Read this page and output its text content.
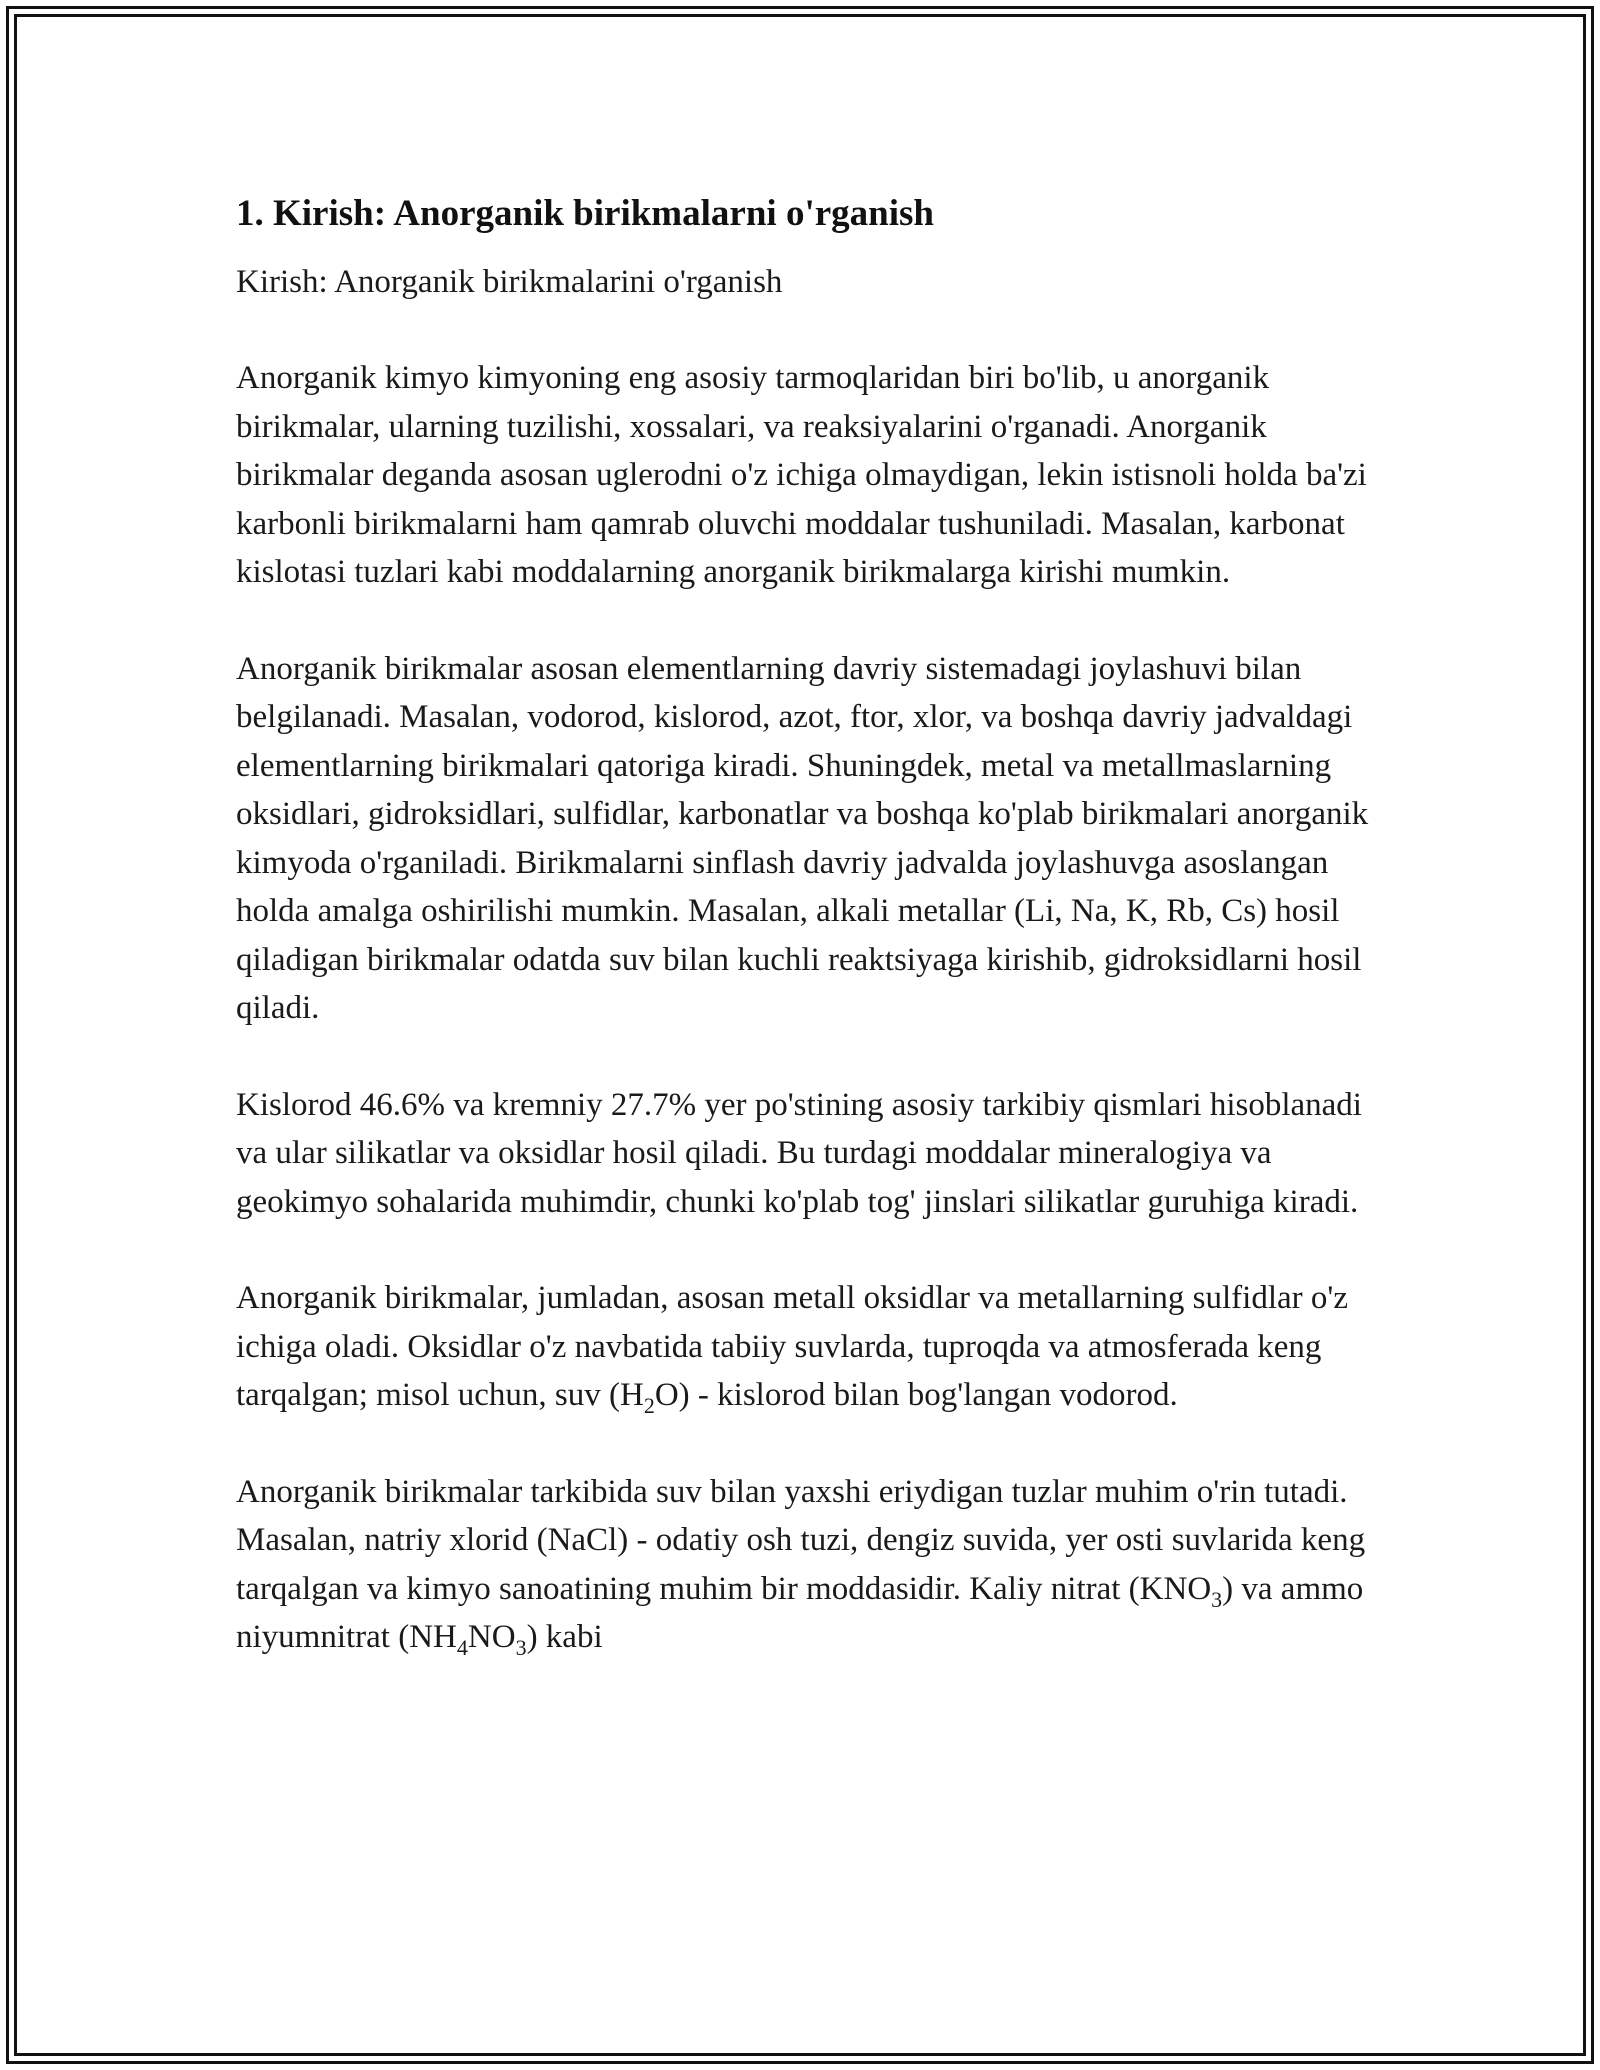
1. Kirish: Anorganik birikmalarni o'rganish
Kirish: Anorganik birikmalarini o'rganish

Anorganik kimyo kimyoning eng asosiy tarmoqlaridan biri bo'lib, u anorganik birikmalar, ularning tuzilishi, xossalari, va reaksiyalarini o'rganadi. Anorganik birikmalar deganda asosan uglerodni o'z ichiga olmaydigan, lekin istisnoli holda ba'zi karbonli birikmalarni ham qamrab oluvchi moddalar tushuniladi. Masalan, karbonat kislotasi tuzlari kabi moddalarning anorganik birikmalarga kirishi mumkin.

Anorganik birikmalar asosan elementlarning davriy sistemadagi joylashuvi bilan belgilanadi. Masalan, vodorod, kislorod, azot, ftor, xlor, va boshqa davriy jadvaldagi elementlarning birikmalari qatoriga kiradi. Shuningdek, metal va metallmaslarning oksidlari, gidroksidlari, sulfidlar, karbonatlar va boshqa ko'plab birikmalari anorganik kimyoda o'rganiladi. Birikmalarni sinflash davriy jadvalda joylashuvga asoslangan holda amalga oshirilishi mumkin. Masalan, alkali metallar (Li, Na, K, Rb, Cs) hosil qiladigan birikmalar odatda suv bilan kuchli reaktsiyaga kirishib, gidroksidlarni hosil qiladi.

Kislorod 46.6% va kremniy 27.7% yer po'stining asosiy tarkibiy qismlari hisoblanadi va ular silikatlar va oksidlar hosil qiladi. Bu turdagi moddalar mineralogiya va geokimyo sohalarida muhimdir, chunki ko'plab tog' jinslari silikatlar guruhiga kiradi.

Anorganik birikmalar, jumladan, asosan metall oksidlar va metallarning sulfidlar o'z ichiga oladi. Oksidlar o'z navbatida tabiiy suvlarda, tuproqda va atmosferada keng tarqalgan; misol uchun, suv $(H_2O)$ - kislorod bilan bog'langan vodorod.

Anorganik birikmalar tarkibida suv bilan yaxshi eriydigan tuzlar muhim o'rin tutadi. Masalan, natriy xlorid (NaCl) - odatiy osh tuzi, dengiz suvida, yer osti suvlarida keng tarqalgan va kimyo sanoatining muhim bir moddasidir. Kaliy nitrat $(KNO_3)$ va ammo niyumnitrat $(NH_4NO_3)$ kabi
